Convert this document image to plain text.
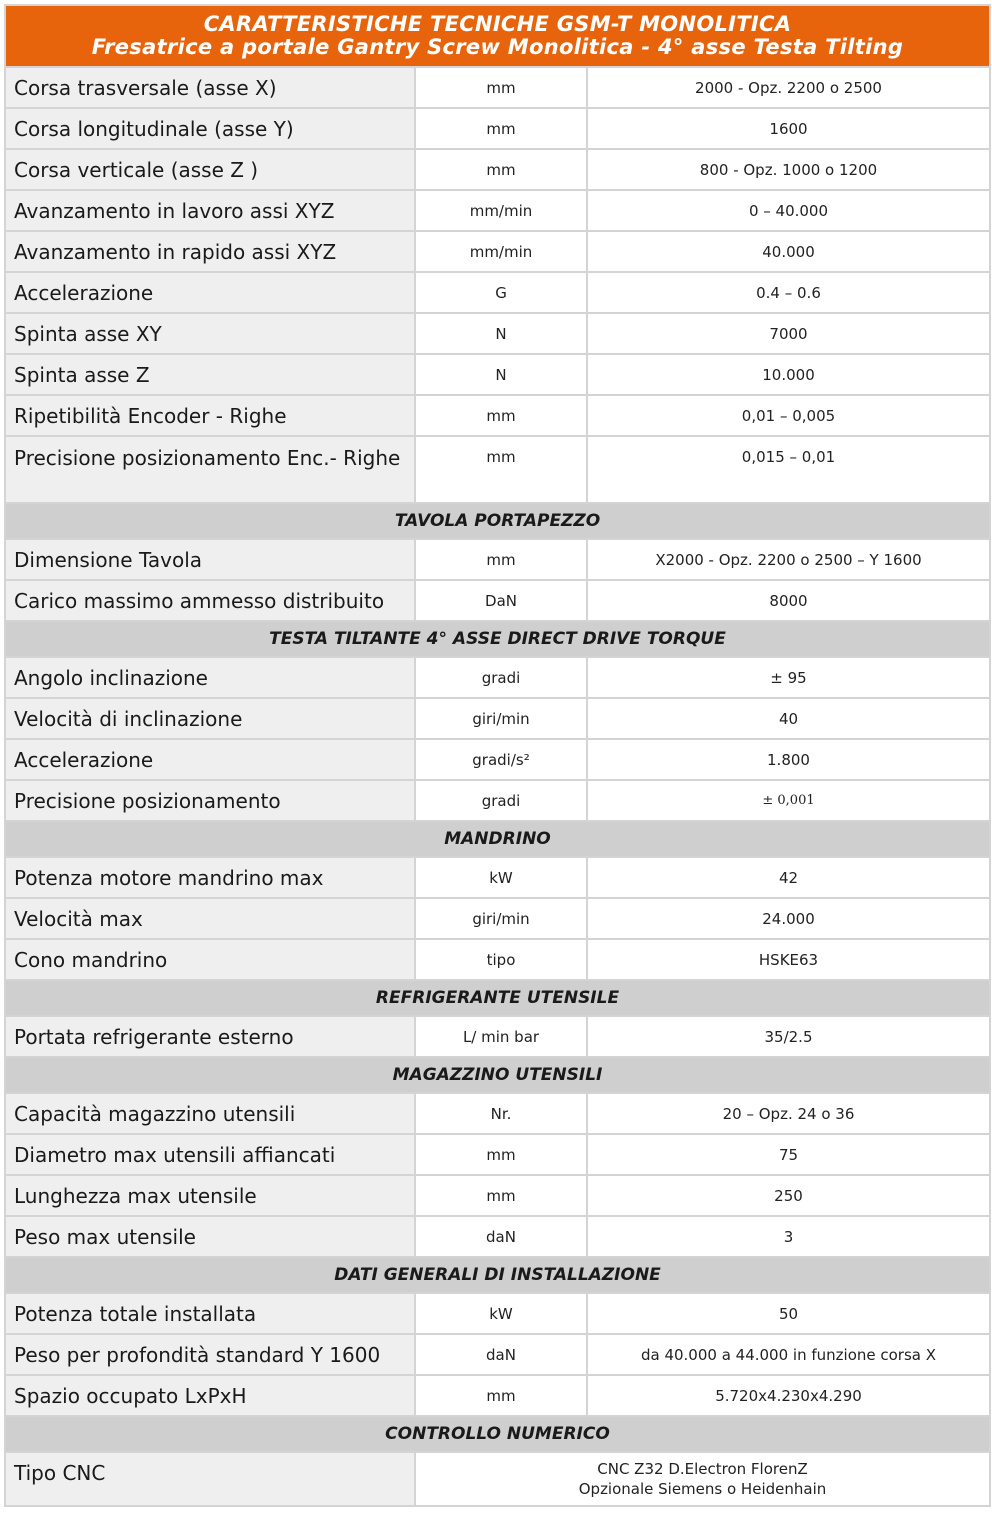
CARATTERISTICHE TECNICHE GSM-T MONOLITICA
Fresatrice a portale Gantry Screw Monolitica - 4° asse Testa Tilting		

Corsa trasversale (asse X)	mm	2000 - Opz. 2200 o 2500
Corsa longitudinale (asse Y)	mm	1600
Corsa verticale (asse Z )	mm	800 - Opz. 1000 o 1200
Avanzamento in lavoro assi XYZ	mm/min	0 – 40.000
Avanzamento in rapido assi XYZ	mm/min	40.000
Accelerazione	G	0.4 – 0.6
Spinta asse XY	N	7000
Spinta asse Z	N	10.000
Ripetibilità Encoder - Righe	mm	0,01 – 0,005
Precisione posizionamento Enc.- Righe	mm	0,015 – 0,01
TAVOLA PORTAPEZZO		
Dimensione Tavola	mm	X2000 - Opz. 2200 o 2500 – Y 1600
Carico massimo ammesso distribuito	DaN	8000
TESTA TILTANTE 4° ASSE DIRECT DRIVE TORQUE		
Angolo inclinazione	gradi	± 95
Velocità di inclinazione	giri/min	40
Accelerazione	gradi/s²	1.800
Precisione posizionamento	gradi	± 0,001
MANDRINO		
Potenza motore mandrino max	kW	42
Velocità max	giri/min	24.000
Cono mandrino	tipo	HSKE63
REFRIGERANTE UTENSILE		
Portata refrigerante esterno	L/ min bar	35/2.5
MAGAZZINO UTENSILI		
Capacità magazzino utensili	Nr.	20 – Opz. 24 o 36
Diametro max utensili affiancati	mm	75
Lunghezza max utensile	mm	250
Peso max utensile	daN	3
DATI GENERALI DI INSTALLAZIONE		
Potenza totale installata	kW	50
Peso per profondità standard Y 1600	daN	da 40.000 a 44.000 in funzione corsa X
Spazio occupato LxPxH	mm	5.720x4.230x4.290
CONTROLLO NUMERICO		
Tipo CNC	CNC Z32 D.Electron FlorenZ
Opzionale Siemens o Heidenhain	
